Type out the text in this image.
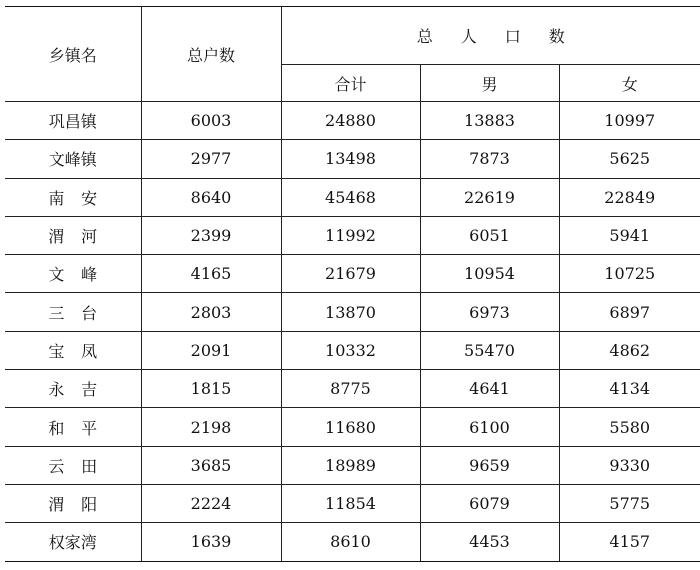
乡镇名	总户数	总人口数		
		合计	男	女
巩昌镇	6003	24880	13883	10997
文峰镇	2977	13498	7873	5625
南安	8640	45468	22619	22849
渭河	2399	11992	6051	5941
文峰	4165	21679	10954	10725
三台	2803	13870	6973	6897
宝凤	2091	10332	55470	4862
永吉	1815	8775	4641	4134
和平	2198	11680	6100	5580
云田	3685	18989	9659	9330
渭阳	2224	11854	6079	5775
权家湾	1639	8610	4453	4157
